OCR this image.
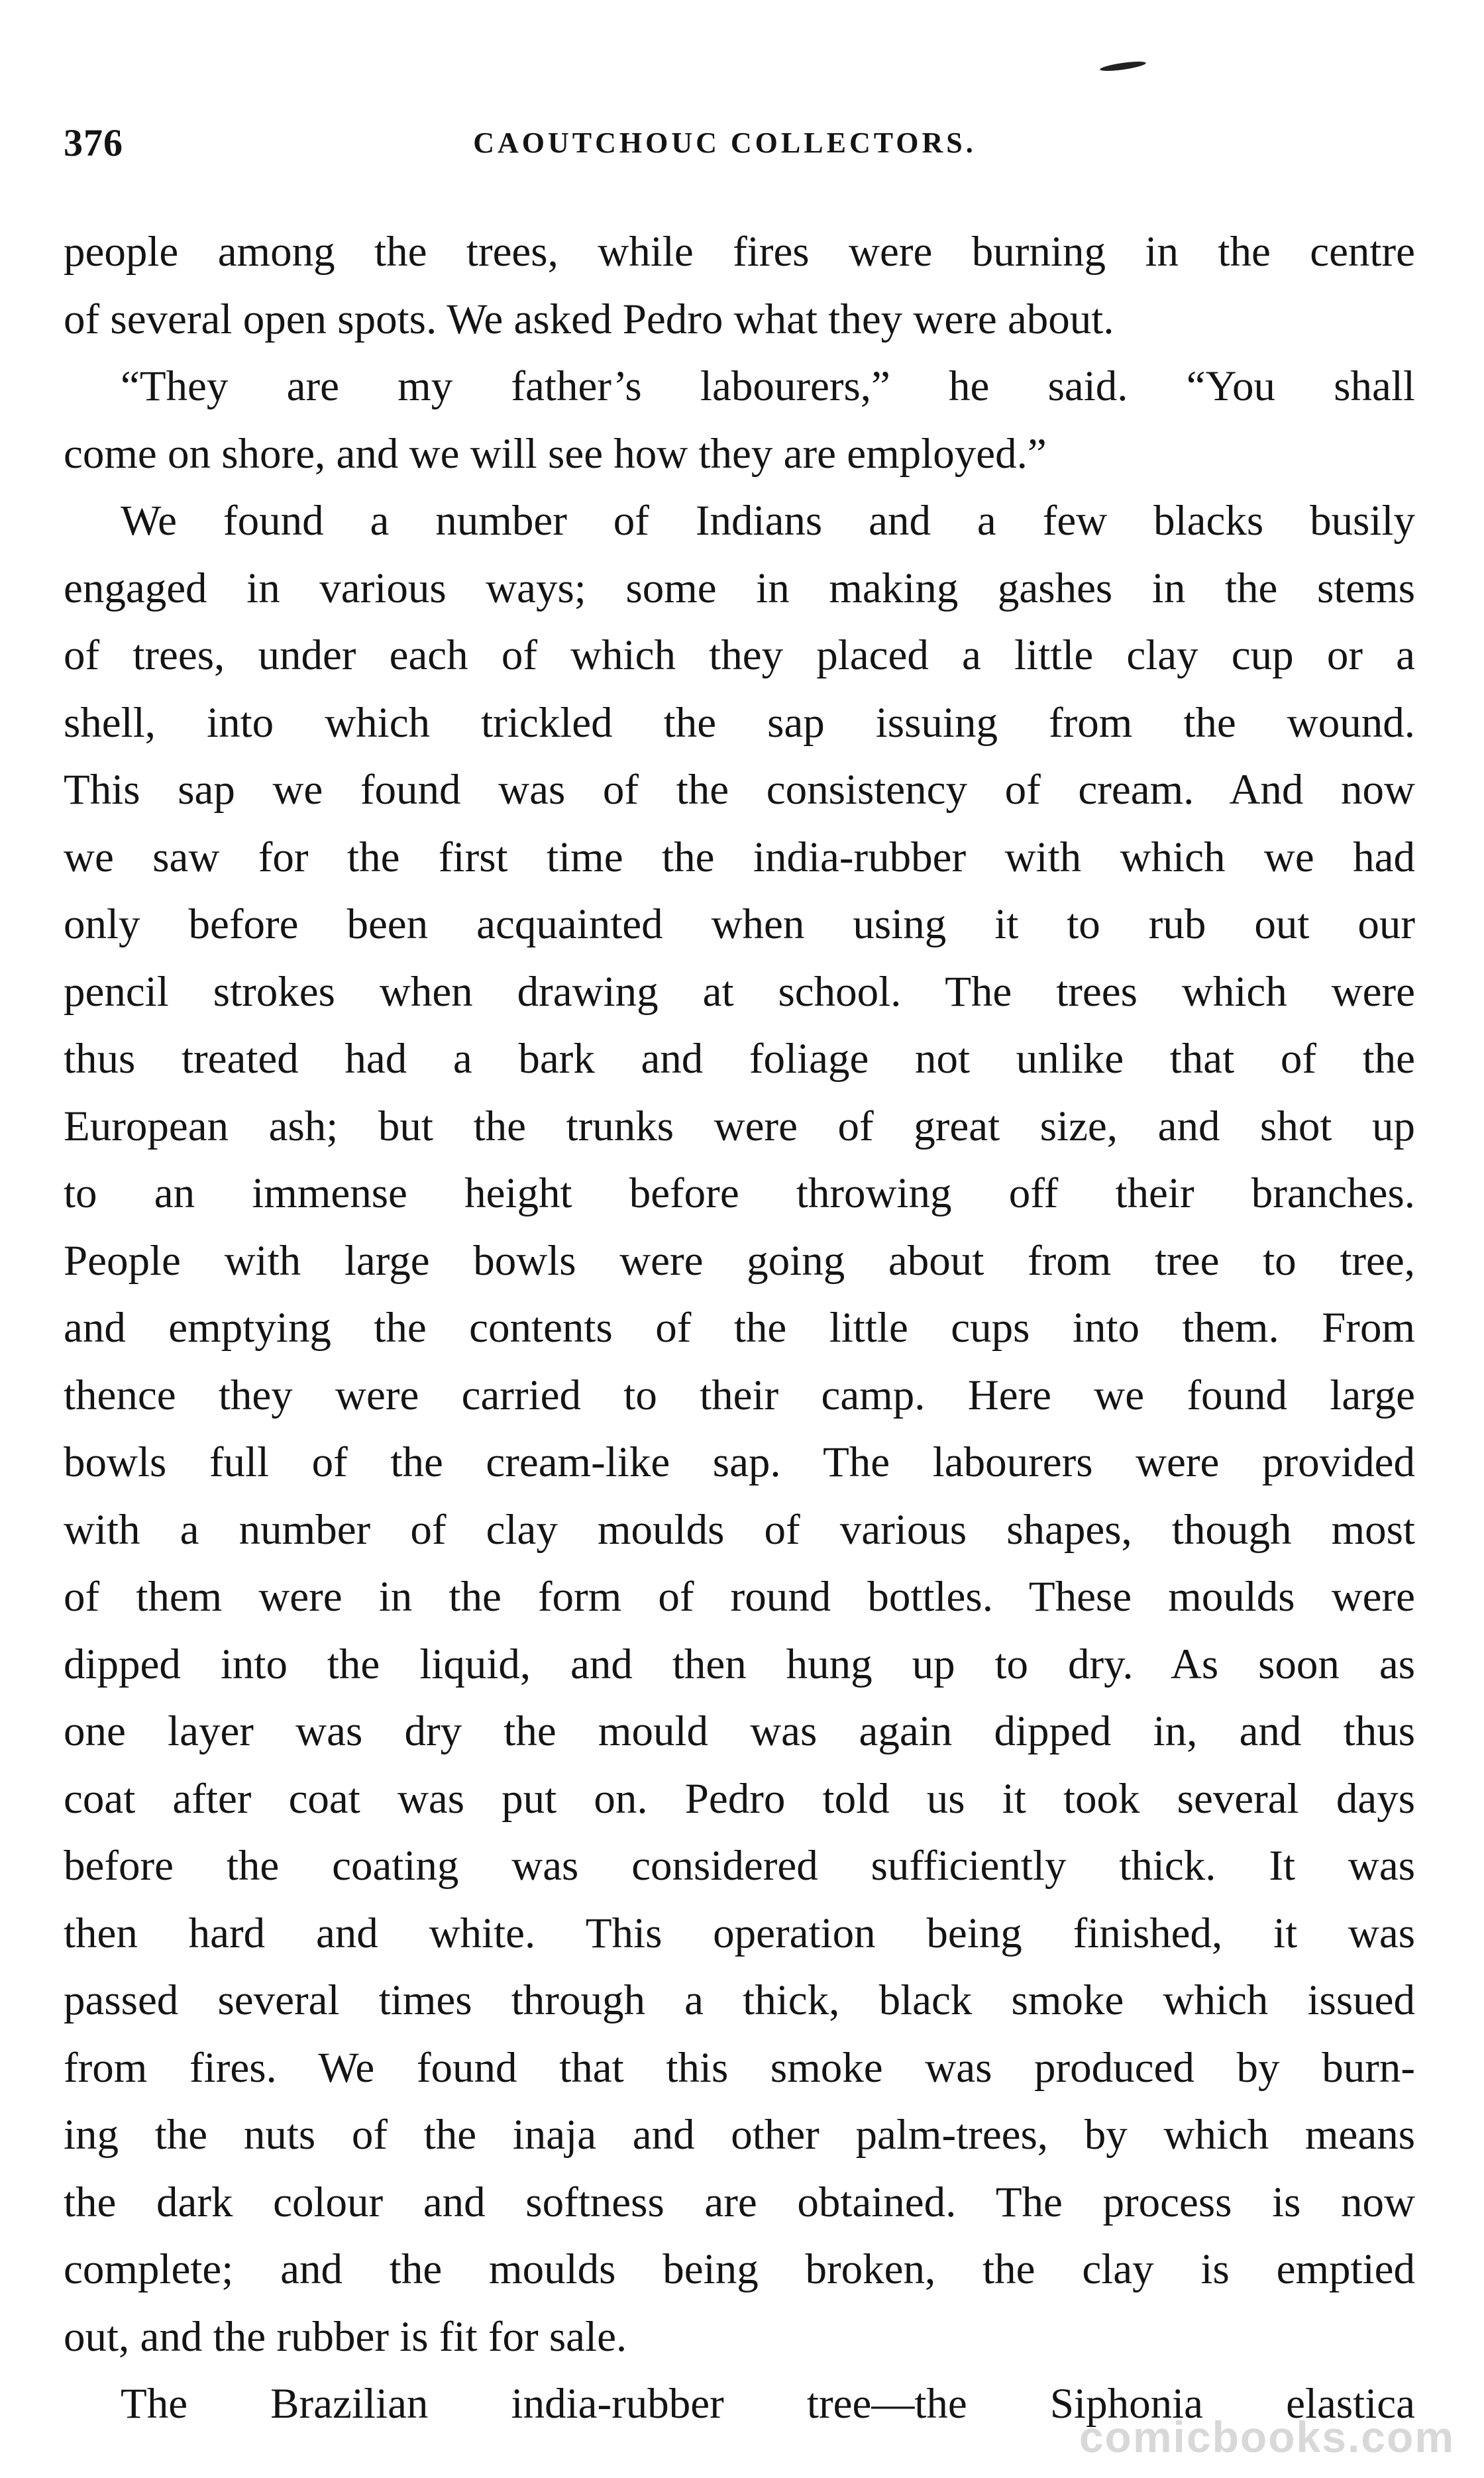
376	CAOUTCHOUC COLLECTORS.
people among the trees, while fires were burning in the centre
of several open spots. We asked Pedro what they were about.
“They are my father’s labourers,” he said. “You shall
come on shore, and we will see how they are employed.”
We found a number of Indians and a few blacks busily
engaged in various ways; some in making gashes in the stems
of trees, under each of which they placed a little clay cup or a
shell, into which trickled the sap issuing from the wound.
This sap we found was of the consistency of cream. And now
we saw for the first time the india-rubber with which we had
only before been acquainted when using it to rub out our
pencil strokes when drawing at school. The trees which were
thus treated had a bark and foliage not unlike that of the
European ash; but the trunks were of great size, and shot up
to an immense height before throwing off their branches.
People with large bowls were going about from tree to tree,
and emptying the contents of the little cups into them. From
thence they were carried to their camp. Here we found large
bowls full of the cream-like sap. The labourers were provided
with a number of clay moulds of various shapes, though most
of them were in the form of round bottles. These moulds were
dipped into the liquid, and then hung up to dry. As soon as
one layer was dry the mould was again dipped in, and thus
coat after coat was put on. Pedro told us it took several days
before the coating was considered sufficiently thick. It was
then hard and white. This operation being finished, it was
passed several times through a thick, black smoke which issued
from fires. We found that this smoke was produced by burn-
ing the nuts of the inaja and other palm-trees, by which means
the dark colour and softness are obtained. The process is now
complete; and the moulds being broken, the clay is emptied
out, and the rubber is fit for sale.
The Brazilian india-rubber tree—the Siphonia elastica
comicbooks.com
